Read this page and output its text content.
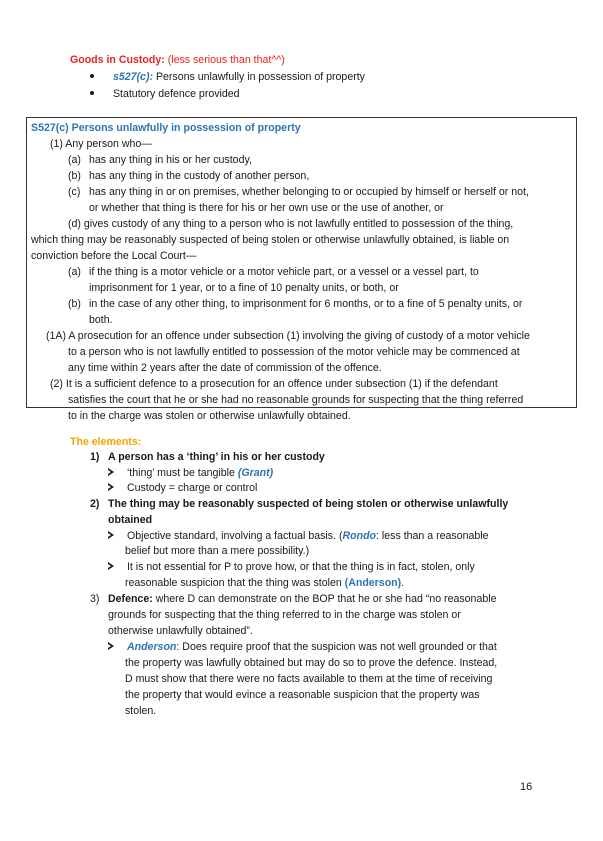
Goods in Custody: (less serious than that^^)
s527(c): Persons unlawfully in possession of property
Statutory defence provided
S527(c) Persons unlawfully in possession of property
(1) Any person who—
(a) has any thing in his or her custody,
(b) has any thing in the custody of another person,
(c) has any thing in or on premises, whether belonging to or occupied by himself or herself or not,
or whether that thing is there for his or her own use or the use of another, or
(d) gives custody of any thing to a person who is not lawfully entitled to possession of the thing,
which thing may be reasonably suspected of being stolen or otherwise unlawfully obtained, is liable on
conviction before the Local Court—
(a) if the thing is a motor vehicle or a motor vehicle part, or a vessel or a vessel part, to
imprisonment for 1 year, or to a fine of 10 penalty units, or both, or
(b) in the case of any other thing, to imprisonment for 6 months, or to a fine of 5 penalty units, or
both.
(1A) A prosecution for an offence under subsection (1) involving the giving of custody of a motor vehicle
to a person who is not lawfully entitled to possession of the motor vehicle may be commenced at
any time within 2 years after the date of commission of the offence.
(2) It is a sufficient defence to a prosecution for an offence under subsection (1) if the defendant
satisfies the court that he or she had no reasonable grounds for suspecting that the thing referred
to in the charge was stolen or otherwise unlawfully obtained.
The elements:
1) A person has a ‘thing’ in his or her custody
‘thing’ must be tangible (Grant)
Custody = charge or control
2) The thing may be reasonably suspected of being stolen or otherwise unlawfully
obtained
Objective standard, involving a factual basis. (Rondo: less than a reasonable
belief but more than a mere possibility.)
It is not essential for P to prove how, or that the thing is in fact, stolen, only
reasonable suspicion that the thing was stolen (Anderson).
3) Defence: where D can demonstrate on the BOP that he or she had “no reasonable
grounds for suspecting that the thing referred to in the charge was stolen or
otherwise unlawfully obtained”.
Anderson: Does require proof that the suspicion was not well grounded or that
the property was lawfully obtained but may do so to prove the defence. Instead,
D must show that there were no facts available to them at the time of receiving
the property that would evince a reasonable suspicion that the property was
stolen.
16
